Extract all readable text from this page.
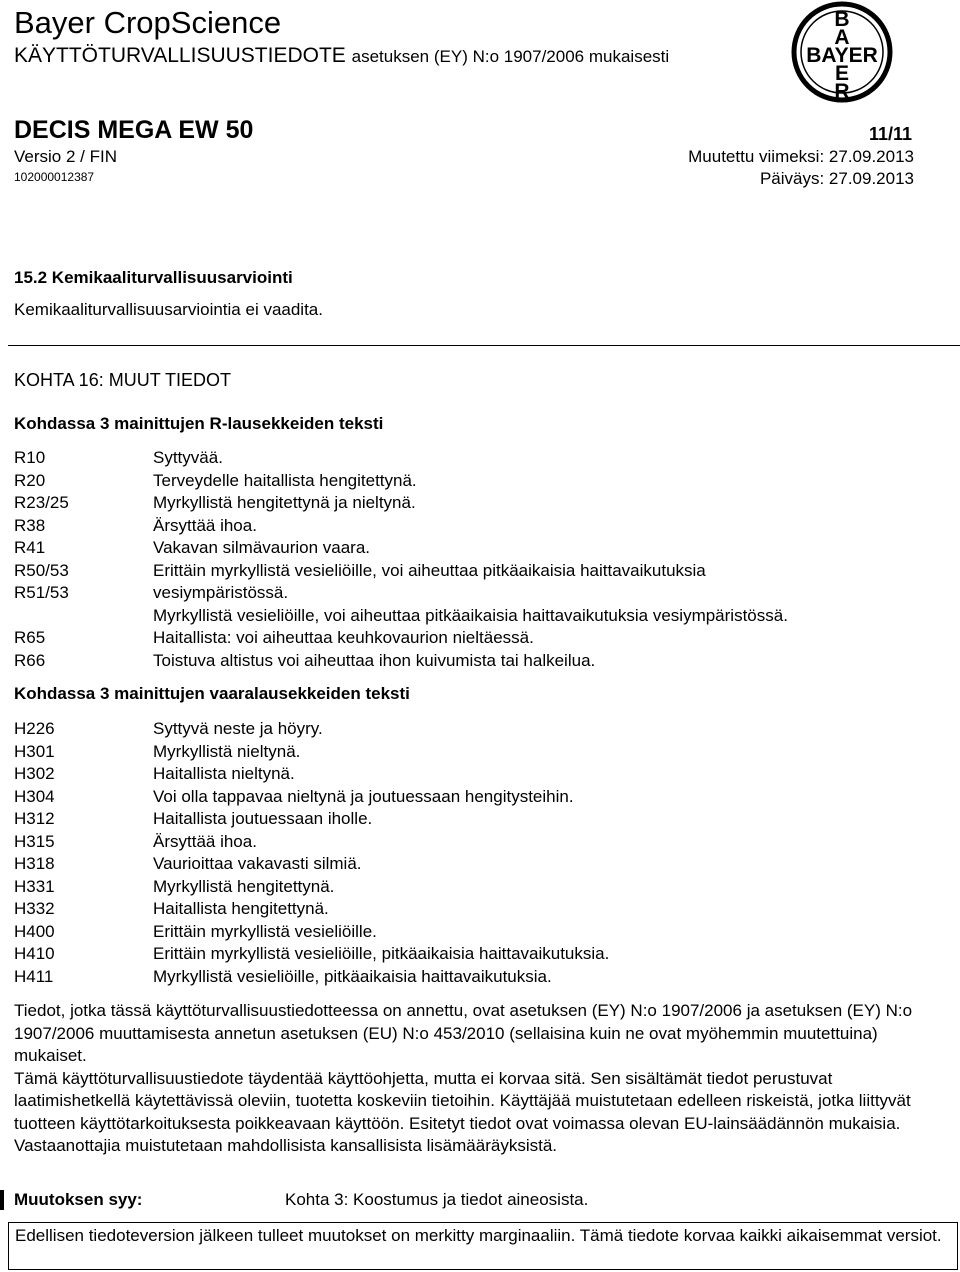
Bayer CropScience
KÄYTTÖTURVALLISUUSTIEDOTE asetuksen (EY) N:o 1907/2006 mukaisesti
B
A
BAYER
E
R
DECIS MEGA EW 50	11/11
Versio 2 / FIN	Muutettu viimeksi: 27.09.2013
102000012387	Päiväys: 27.09.2013
15.2 Kemikaaliturvallisuusarviointi
Kemikaaliturvallisuusarviointia ei vaadita.
KOHTA 16: MUUT TIEDOT
Kohdassa 3 mainittujen R-lausekkeiden teksti
R10	Syttyvää.
R20	Terveydelle haitallista hengitettynä.
R23/25	Myrkyllistä hengitettynä ja nieltynä.
R38	Ärsyttää ihoa.
R41	Vakavan silmävaurion vaara.
R50/53	Erittäin myrkyllistä vesieliöille, voi aiheuttaa pitkäaikaisia haittavaikutuksia
R51/53	vesiympäristössä.
Myrkyllistä vesieliöille, voi aiheuttaa pitkäaikaisia haittavaikutuksia vesiympäristössä.
R65	Haitallista: voi aiheuttaa keuhkovaurion nieltäessä.
R66	Toistuva altistus voi aiheuttaa ihon kuivumista tai halkeilua.
Kohdassa 3 mainittujen vaaralausekkeiden teksti
H226	Syttyvä neste ja höyry.
H301	Myrkyllistä nieltynä.
H302	Haitallista nieltynä.
H304	Voi olla tappavaa nieltynä ja joutuessaan hengitysteihin.
H312	Haitallista joutuessaan iholle.
H315	Ärsyttää ihoa.
H318	Vaurioittaa vakavasti silmiä.
H331	Myrkyllistä hengitettynä.
H332	Haitallista hengitettynä.
H400	Erittäin myrkyllistä vesieliöille.
H410	Erittäin myrkyllistä vesieliöille, pitkäaikaisia haittavaikutuksia.
H411	Myrkyllistä vesieliöille, pitkäaikaisia haittavaikutuksia.
Tiedot, jotka tässä käyttöturvallisuustiedotteessa on annettu, ovat asetuksen (EY) N:o 1907/2006 ja asetuksen (EY) N:o 1907/2006 muuttamisesta annetun asetuksen (EU) N:o 453/2010 (sellaisina kuin ne ovat myöhemmin muutettuina) mukaiset.
Tämä käyttöturvallisuustiedote täydentää käyttöohjetta, mutta ei korvaa sitä. Sen sisältämät tiedot perustuvat laatimishetkellä käytettävissä oleviin, tuotetta koskeviin tietoihin. Käyttäjää muistutetaan edelleen riskeistä, jotka liittyvät tuotteen käyttötarkoituksesta poikkeavaan käyttöön. Esitetyt tiedot ovat voimassa olevan EU-lainsäädännön mukaisia. Vastaanottajia muistutetaan mahdollisista kansallisista lisämääräyksistä.
Muutoksen syy:	Kohta 3: Koostumus ja tiedot aineosista.
Edellisen tiedoteversion jälkeen tulleet muutokset on merkitty marginaaliin. Tämä tiedote korvaa kaikki aikaisemmat versiot.
